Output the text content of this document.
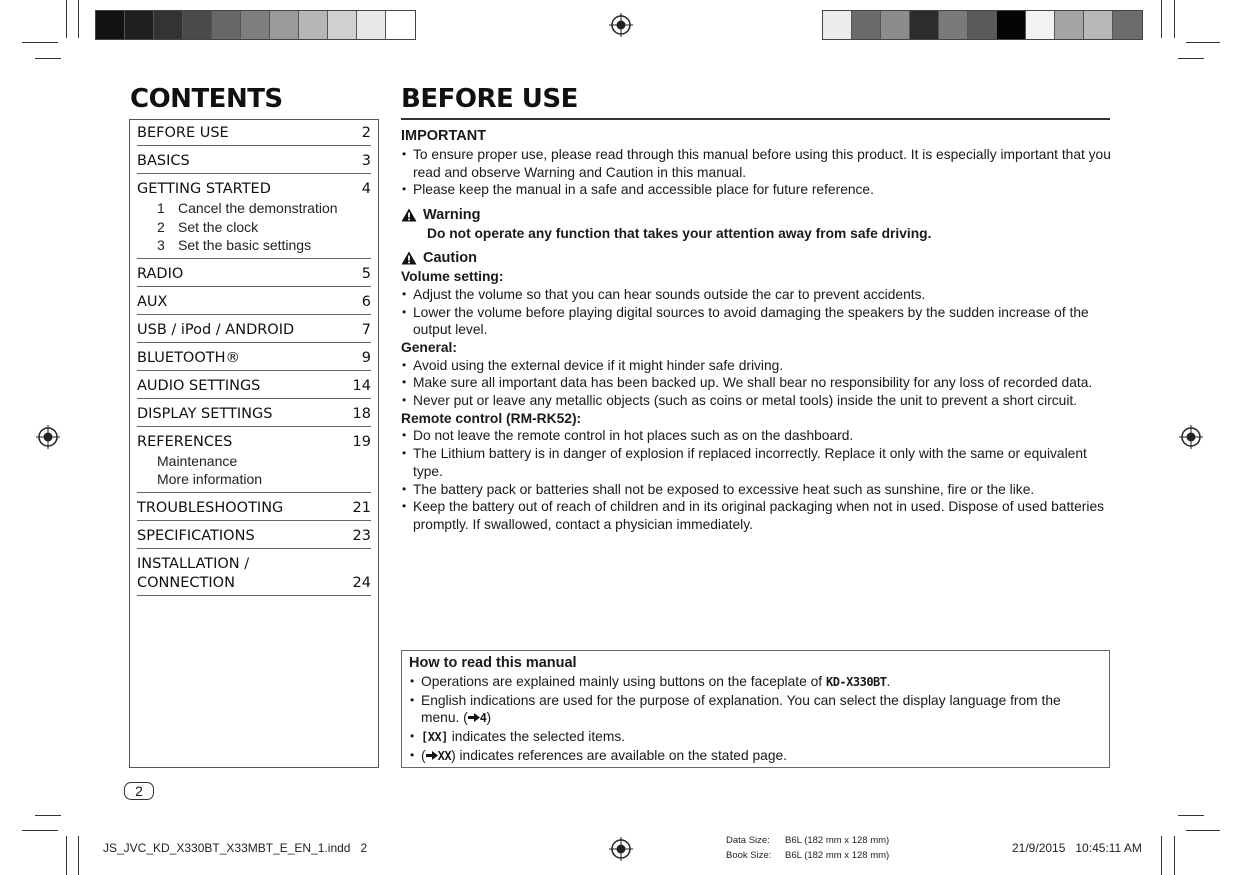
CONTENTS	BEFORE USE
BEFORE USE	2
BASICS	3
GETTING STARTED	4
1 Cancel the demonstration
2 Set the clock
3 Set the basic settings
RADIO	5
AUX	6
USB / iPod / ANDROID	7
BLUETOOTH®	9
AUDIO SETTINGS	14
DISPLAY SETTINGS	18
REFERENCES	19
Maintenance
More information
TROUBLESHOOTING	21
SPECIFICATIONS	23
INSTALLATION /
CONNECTION	24
IMPORTANT
• To ensure proper use, please read through this manual before using this product. It is especially important that you read and observe Warning and Caution in this manual.
• Please keep the manual in a safe and accessible place for future reference.
Warning
Do not operate any function that takes your attention away from safe driving.
Caution
Volume setting:
• Adjust the volume so that you can hear sounds outside the car to prevent accidents.
• Lower the volume before playing digital sources to avoid damaging the speakers by the sudden increase of the output level.
General:
• Avoid using the external device if it might hinder safe driving.
• Make sure all important data has been backed up. We shall bear no responsibility for any loss of recorded data.
• Never put or leave any metallic objects (such as coins or metal tools) inside the unit to prevent a short circuit.
Remote control (RM-RK52):
• Do not leave the remote control in hot places such as on the dashboard.
• The Lithium battery is in danger of explosion if replaced incorrectly. Replace it only with the same or equivalent type.
• The battery pack or batteries shall not be exposed to excessive heat such as sunshine, fire or the like.
• Keep the battery out of reach of children and in its original packaging when not in used. Dispose of used batteries promptly. If swallowed, contact a physician immediately.
How to read this manual
• Operations are explained mainly using buttons on the faceplate of KD-X330BT.
• English indications are used for the purpose of explanation. You can select the display language from the menu. ( 4)
• [XX] indicates the selected items.
• ( XX) indicates references are available on the stated page.
2
JS_JVC_KD_X330BT_X33MBT_E_EN_1.indd   2
Data Size: B6L (182 mm x 128 mm)
Book Size: B6L (182 mm x 128 mm)
21/9/2015   10:45:11 AM
